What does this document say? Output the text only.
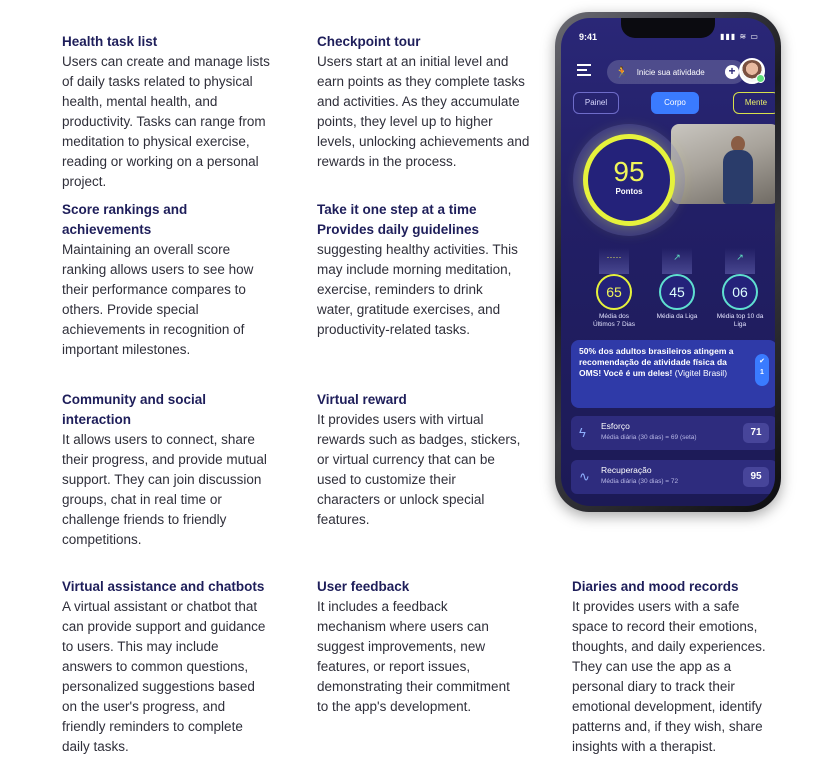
Health task list

Users can create and manage lists of daily tasks related to physical health, mental health, and productivity. Tasks can range from meditation to physical exercise, reading or working on a personal project.

Checkpoint tour

Users start at an initial level and earn points as they complete tasks and activities. As they accumulate points, they level up to higher levels, unlocking achievements and rewards in the process.

Score rankings and achievements

Maintaining an overall score ranking allows users to see how their performance compares to others. Provide special achievements in recognition of important milestones.

Take it one step at a time Provides daily guidelines

suggesting healthy activities. This may include morning meditation, exercise, reminders to drink water, gratitude exercises, and productivity-related tasks.

Community and social interaction

It allows users to connect, share their progress, and provide mutual support. They can join discussion groups, chat in real time or challenge friends to friendly competitions.

Virtual reward

It provides users with virtual rewards such as badges, stickers, or virtual currency that can be used to customize their characters or unlock special features.

Virtual assistance and chatbots

A virtual assistant or chatbot that can provide support and guidance to users. This may include answers to common questions, personalized suggestions based on the user's progress, and friendly reminders to complete daily tasks.

User feedback

It includes a feedback mechanism where users can suggest improvements, new features, or report issues, demonstrating their commitment to the app's development.

Diaries and mood records

It provides users with a safe space to record their emotions, thoughts, and daily experiences. They can use the app as a personal diary to track their emotional development, identify patterns and, if they wish, share insights with a therapist.

9:41	▮▮▮ ≋ ▭
🏃 Inicie sua atividade +
Painel	Corpo	Mente
95
Pontos
·····
65
Média dos Últimos 7 Dias
↗
45
Média da Liga
↗
06
Média top 10 da Liga
50% dos adultos brasileiros atingem a recomendação de atividade física da OMS! Você é um deles! (Vigitel Brasil)
✔
1
ϟ Esforço
Média diária (30 dias) = 69 (seta)	71
∿ Recuperação
Média diária (30 dias) = 72	95
